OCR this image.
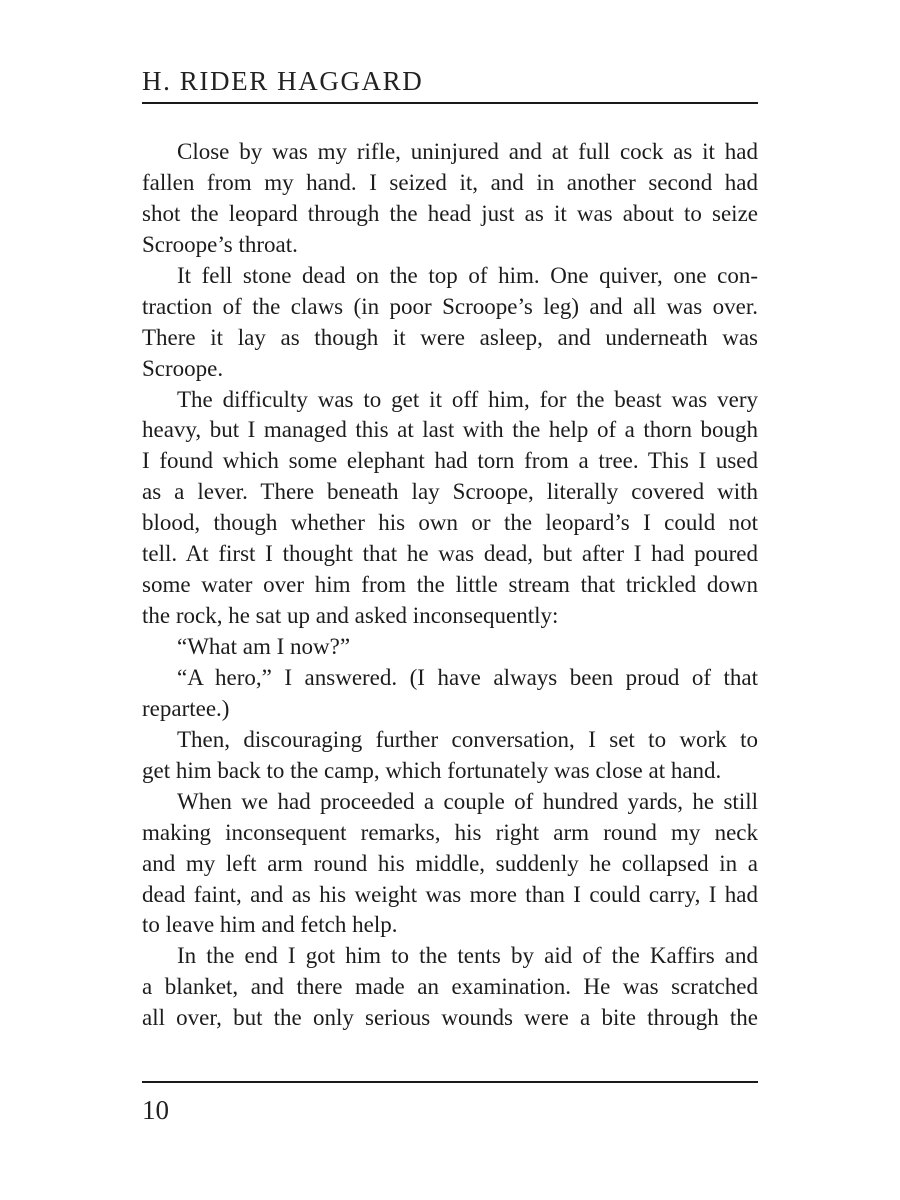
H. RIDER HAGGARD
Close by was my rifle, uninjured and at full cock as it had
fallen from my hand. I seized it, and in another second had
shot the leopard through the head just as it was about to seize
Scroope’s throat.
It fell stone dead on the top of him. One quiver, one con-
traction of the claws (in poor Scroope’s leg) and all was over.
There it lay as though it were asleep, and underneath was
Scroope.
The difficulty was to get it off him, for the beast was very
heavy, but I managed this at last with the help of a thorn bough
I found which some elephant had torn from a tree. This I used
as a lever. There beneath lay Scroope, literally covered with
blood, though whether his own or the leopard’s I could not
tell. At first I thought that he was dead, but after I had poured
some water over him from the little stream that trickled down
the rock, he sat up and asked inconsequently:
“What am I now?”
“A hero,” I answered. (I have always been proud of that
repartee.)
Then, discouraging further conversation, I set to work to
get him back to the camp, which fortunately was close at hand.
When we had proceeded a couple of hundred yards, he still
making inconsequent remarks, his right arm round my neck
and my left arm round his middle, suddenly he collapsed in a
dead faint, and as his weight was more than I could carry, I had
to leave him and fetch help.
In the end I got him to the tents by aid of the Kaffirs and
a blanket, and there made an examination. He was scratched
all over, but the only serious wounds were a bite through the
10
